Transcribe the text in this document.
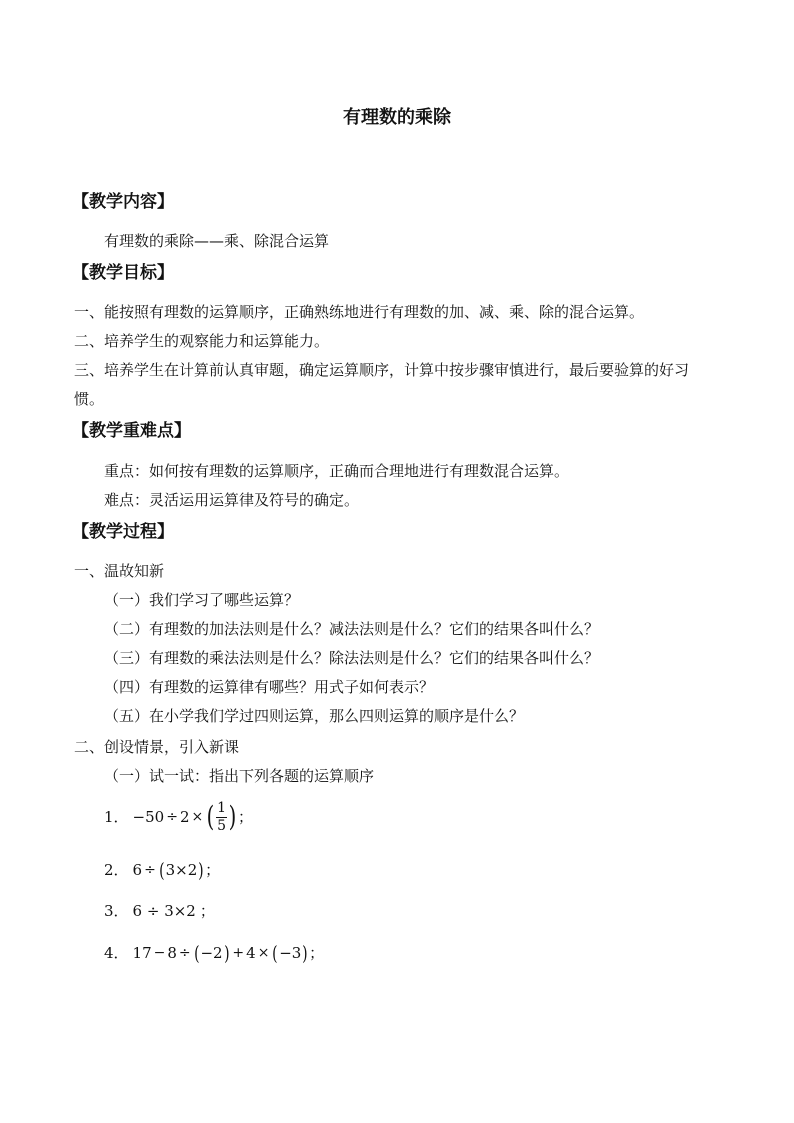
有理数的乘除
【教学内容】
有理数的乘除——乘、除混合运算
【教学目标】
一、能按照有理数的运算顺序，正确熟练地进行有理数的加、减、乘、除的混合运算。
二、培养学生的观察能力和运算能力。
三、培养学生在计算前认真审题，确定运算顺序，计算中按步骤审慎进行，最后要验算的好习
惯。
【教学重难点】
重点：如何按有理数的运算顺序，正确而合理地进行有理数混合运算。
难点：灵活运用运算律及符号的确定。
【教学过程】
一、温故知新
（一）我们学习了哪些运算？
（二）有理数的加法法则是什么？减法法则是什么？它们的结果各叫什么？
（三）有理数的乘法法则是什么？除法法则是什么？它们的结果各叫什么？
（四）有理数的运算律有哪些？用式子如何表示？
（五）在小学我们学过四则运算，那么四则运算的顺序是什么？
二、创设情景，引入新课
（一）试一试：指出下列各题的运算顺序
1． −50 ÷ 2 × ( $\frac{1}{5}$ ) ；
2． 6 ÷ ( 3×2 ) ；
3． 6 ÷ 3×2 ；
4． 17 − 8 ÷ ( −2 ) + 4 × ( −3 ) ；
